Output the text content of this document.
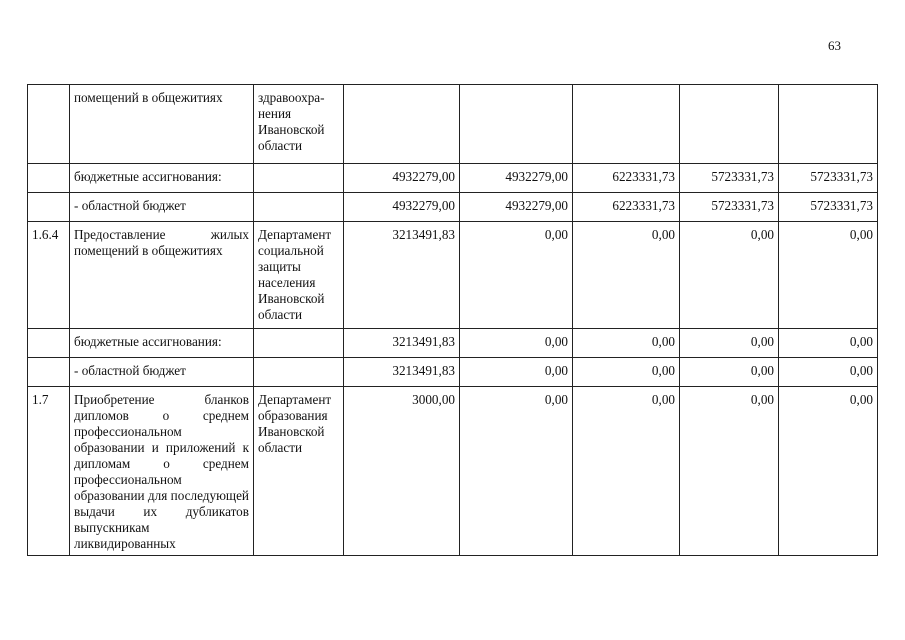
63
	помещений в общежитиях	здравоохра-
нения
Ивановской
области					
	бюджетные ассигнования:		4932279,00	4932279,00	6223331,73	5723331,73	5723331,73
	- областной бюджет		4932279,00	4932279,00	6223331,73	5723331,73	5723331,73
1.6.4	Предоставление жилых помещений в общежитиях	Департамент социальной защиты населения Ивановской области	3213491,83	0,00	0,00	0,00	0,00
	бюджетные ассигнования:		3213491,83	0,00	0,00	0,00	0,00
	- областной бюджет		3213491,83	0,00	0,00	0,00	0,00
1.7	Приобретение бланков дипломов о среднем профессиональном образовании и приложений к дипломам о среднем профессиональном образовании для последующей выдачи их дубликатов выпускникам ликвидированных	Департамент образования Ивановской области	3000,00	0,00	0,00	0,00	0,00
